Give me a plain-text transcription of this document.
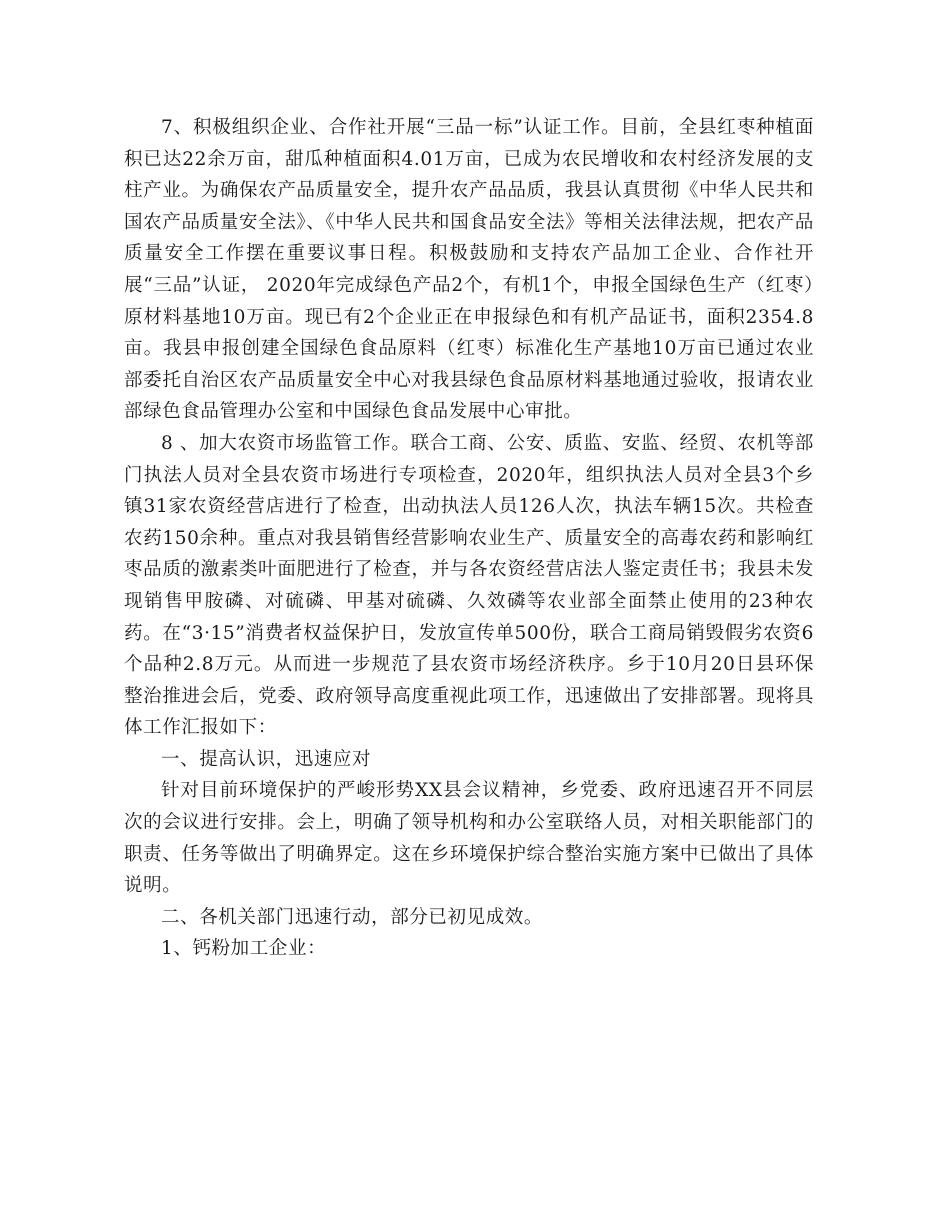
7、积极组织企业、合作社开展“三品一标”认证工作。目前，全县红枣种植面积已达22余万亩，甜瓜种植面积4.01万亩，已成为农民增收和农村经济发展的支柱产业。为确保农产品质量安全，提升农产品品质，我县认真贯彻《中华人民共和国农产品质量安全法》、《中华人民共和国食品安全法》等相关法律法规，把农产品质量安全工作摆在重要议事日程。积极鼓励和支持农产品加工企业、合作社开展“三品”认证， 2020年完成绿色产品2个，有机1个，申报全国绿色生产（红枣）原材料基地10万亩。现已有2个企业正在申报绿色和有机产品证书，面积2354.8亩。我县申报创建全国绿色食品原料（红枣）标准化生产基地10万亩已通过农业部委托自治区农产品质量安全中心对我县绿色食品原材料基地通过验收，报请农业部绿色食品管理办公室和中国绿色食品发展中心审批。

8 、加大农资市场监管工作。联合工商、公安、质监、安监、经贸、农机等部门执法人员对全县农资市场进行专项检查，2020年，组织执法人员对全县3个乡镇31家农资经营店进行了检查，出动执法人员126人次，执法车辆15次。共检查农药150余种。重点对我县销售经营影响农业生产、质量安全的高毒农药和影响红枣品质的激素类叶面肥进行了检查，并与各农资经营店法人鉴定责任书；我县未发现销售甲胺磷、对硫磷、甲基对硫磷、久效磷等农业部全面禁止使用的23种农药。在“3·15”消费者权益保护日，发放宣传单500份，联合工商局销毁假劣农资6个品种2.8万元。从而进一步规范了县农资市场经济秩序。乡于10月20日县环保整治推进会后，党委、政府领导高度重视此项工作，迅速做出了安排部署。现将具体工作汇报如下：

一、提高认识，迅速应对

针对目前环境保护的严峻形势XX县会议精神，乡党委、政府迅速召开不同层次的会议进行安排。会上，明确了领导机构和办公室联络人员，对相关职能部门的职责、任务等做出了明确界定。这在乡环境保护综合整治实施方案中已做出了具体说明。

二、各机关部门迅速行动，部分已初见成效。

1、钙粉加工企业：
